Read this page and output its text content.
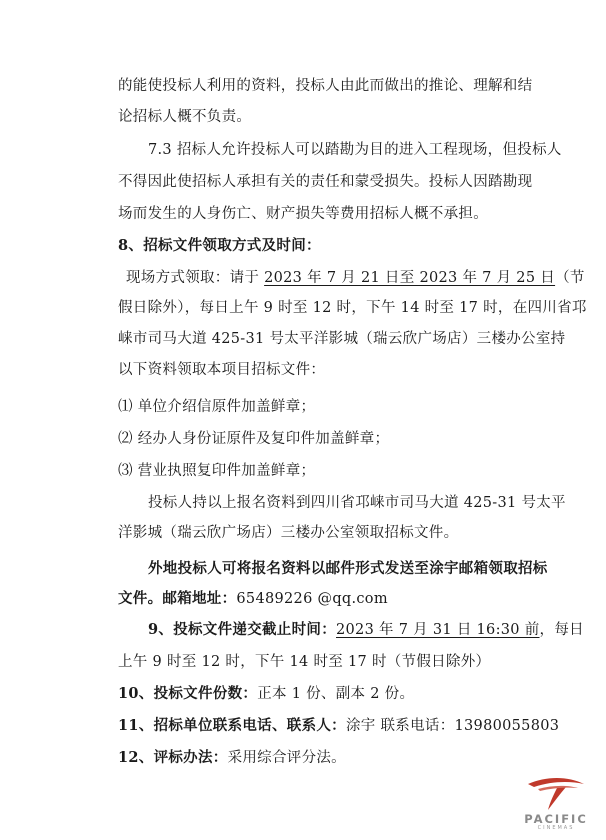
的能使投标人利用的资料，投标人由此而做出的推论、理解和结
论招标人概不负责。
7.3 招标人允许投标人可以踏勘为目的进入工程现场，但投标人
不得因此使招标人承担有关的责任和蒙受损失。投标人因踏勘现
场而发生的人身伤亡、财产损失等费用招标人概不承担。
8、招标文件领取方式及时间：
现场方式领取：请于 2023 年 7 月 21 日至 2023 年 7 月 25 日（节
假日除外），每日上午 9 时至 12 时，下午 14 时至 17 时，在四川省邛
崃市司马大道 425-31 号太平洋影城（瑞云欣广场店）三楼办公室持
以下资料领取本项目招标文件：
⑴ 单位介绍信原件加盖鲜章；
⑵ 经办人身份证原件及复印件加盖鲜章；
⑶ 营业执照复印件加盖鲜章；
投标人持以上报名资料到四川省邛崃市司马大道 425-31 号太平
洋影城（瑞云欣广场店）三楼办公室领取招标文件。
外地投标人可将报名资料以邮件形式发送至涂宇邮箱领取招标
文件。邮箱地址：65489226 @qq.com
9、投标文件递交截止时间：2023 年 7 月 31 日 16:30 前，每日
上午 9 时至 12 时，下午 14 时至 17 时（节假日除外）
10、投标文件份数：正本 1 份、副本 2 份。
11、招标单位联系电话、联系人：涂宇 联系电话：13980055803
12、评标办法：采用综合评分法。
PACIFIC
CINEMAS
